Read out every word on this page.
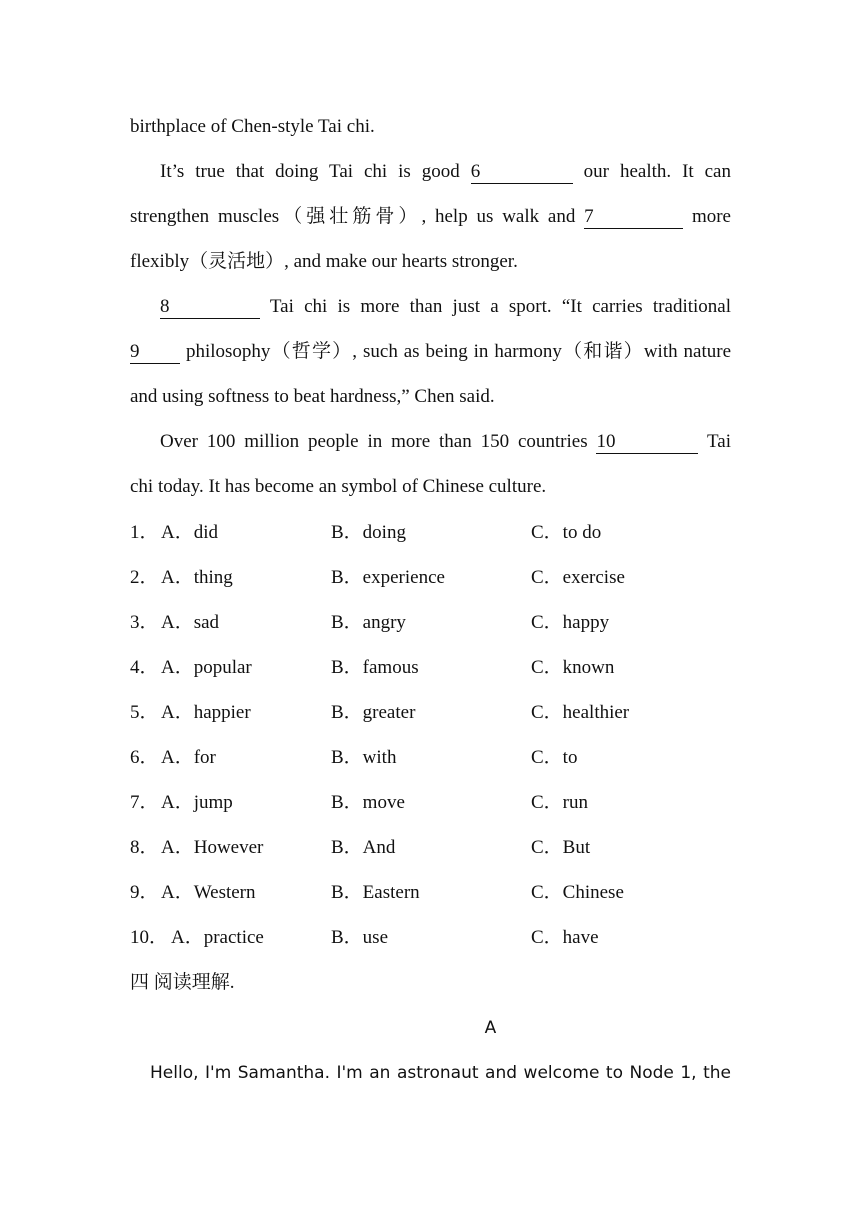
birthplace of Chen-style Tai chi.
It’s true that doing Tai chi is good 6	our health. It can
strengthen muscles（强壮筋骨）, help us walk and 7	more
flexibly（灵活地）, and make our hearts stronger.
8	Tai chi is more than just a sport. “It carries traditional
9 philosophy（哲学）, such as being in harmony（和谐）with nature
and using softness to beat hardness,” Chen said.
Over 100 million people in more than 150 countries 10	Tai
chi today. It has become an symbol of Chinese culture.
1． A．did	B．doing	C．to do
2． A．thing	B．experience	C．exercise
3． A．sad	B．angry	C．happy
4． A．popular	B．famous	C．known
5． A．happier	B．greater	C．healthier
6． A．for	B．with	C．to
7． A．jump	B．move	C．run
8． A．However	B．And	C．But
9． A．Western	B．Eastern	C．Chinese
10． A．practice	B．use	C．have
四 阅读理解.
A
Hello, I'm Samantha. I'm an astronaut and welcome to Node 1, the
